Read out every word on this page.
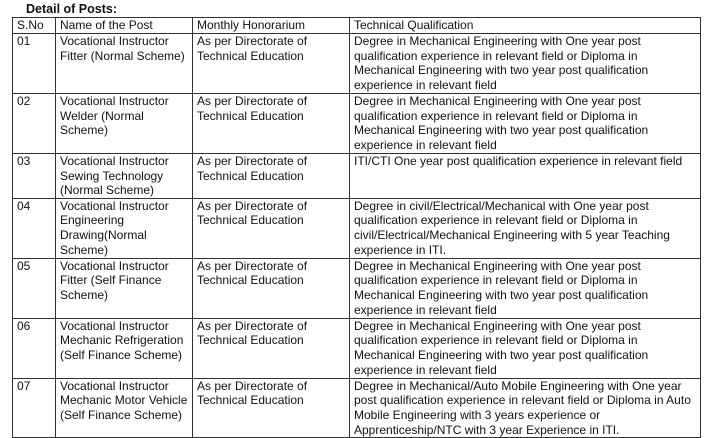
Detail of Posts:
S.No	Name of the Post	Monthly Honorarium	Technical Qualification
01	Vocational Instructor Fitter (Normal Scheme)	As per Directorate of Technical Education	Degree in Mechanical Engineering with One year post qualification experience in relevant field or Diploma in Mechanical Engineering with two year post qualification experience in relevant field
02	Vocational Instructor Welder (Normal Scheme)	As per Directorate of Technical Education	Degree in Mechanical Engineering with One year post qualification experience in relevant field or Diploma in Mechanical Engineering with two year post qualification experience in relevant field
03	Vocational Instructor Sewing Technology (Normal Scheme)	As per Directorate of Technical Education	ITI/CTI One year post qualification experience in relevant field
04	Vocational Instructor Engineering Drawing(Normal Scheme)	As per Directorate of Technical Education	Degree in civil/Electrical/Mechanical with One year post qualification experience in relevant field or Diploma in civil/Electrical/Mechanical Engineering with 5 year Teaching experience in ITI.
05	Vocational Instructor Fitter (Self Finance Scheme)	As per Directorate of Technical Education	Degree in Mechanical Engineering with One year post qualification experience in relevant field or Diploma in Mechanical Engineering with two year post qualification experience in relevant field
06	Vocational Instructor Mechanic Refrigeration (Self Finance Scheme)	As per Directorate of Technical Education	Degree in Mechanical Engineering with One year post qualification experience in relevant field or Diploma in Mechanical Engineering with two year post qualification experience in relevant field
07	Vocational Instructor Mechanic Motor Vehicle (Self Finance Scheme)	As per Directorate of Technical Education	Degree in Mechanical/Auto Mobile Engineering with One year post qualification experience in relevant field or Diploma in Auto Mobile Engineering with 3 years experience or Apprenticeship/NTC with 3 year Experience in ITI.
